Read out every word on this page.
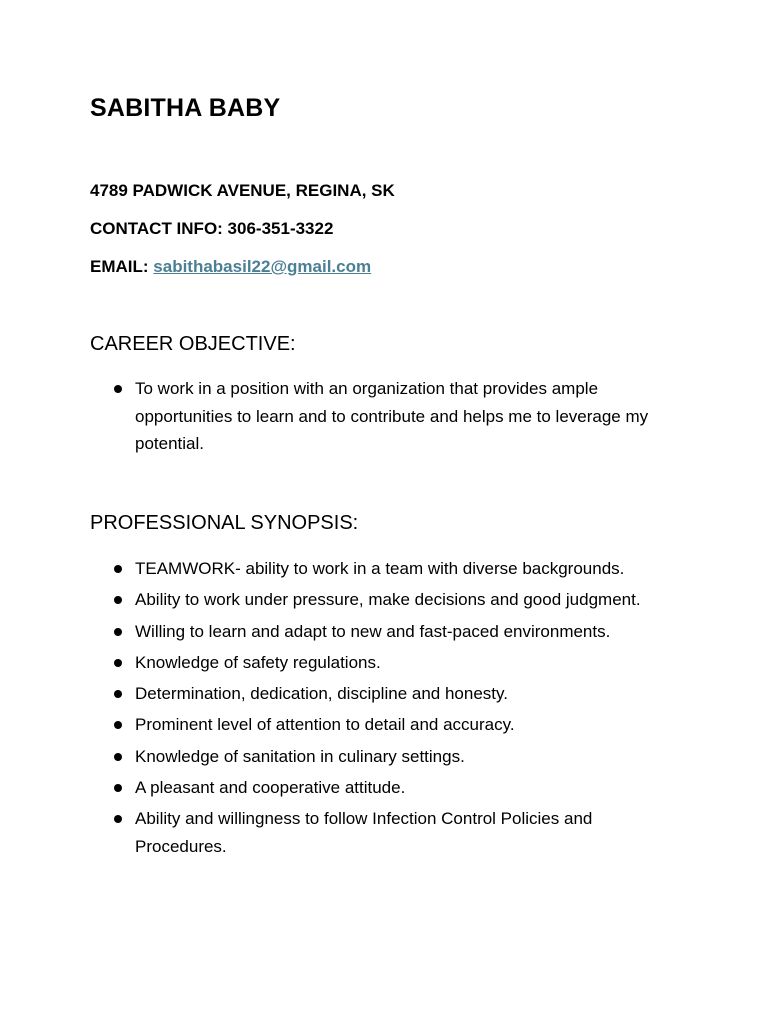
SABITHA BABY

4789 PADWICK AVENUE, REGINA, SK

CONTACT INFO: 306-351-3322

EMAIL: sabithabasil22@gmail.com

CAREER OBJECTIVE:
To work in a position with an organization that provides ample opportunities to learn and to contribute and helps me to leverage my potential.
PROFESSIONAL SYNOPSIS:
TEAMWORK- ability to work in a team with diverse backgrounds.
Ability to work under pressure, make decisions and good judgment.
Willing to learn and adapt to new and fast-paced environments.
Knowledge of safety regulations.
Determination, dedication, discipline and honesty.
Prominent level of attention to detail and accuracy.
Knowledge of sanitation in culinary settings.
A pleasant and cooperative attitude.
Ability and willingness to follow Infection Control Policies and Procedures.
